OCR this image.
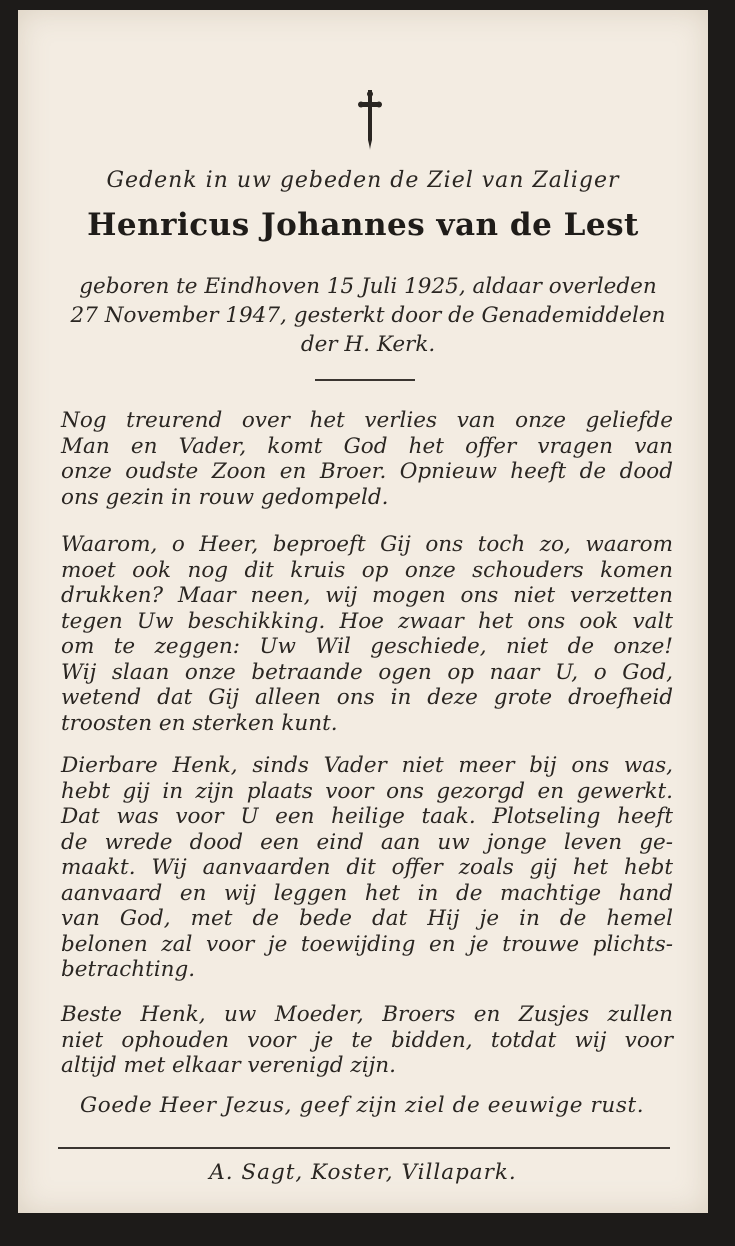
Gedenk in uw gebeden de Ziel van Zaliger
Henricus Johannes van de Lest
geboren te Eindhoven 15 Juli 1925, aldaar overleden
27 November 1947, gesterkt door de Genademiddelen
der H. Kerk.
Nog treurend over het verlies van onze geliefde
Man en Vader, komt God het offer vragen van
onze oudste Zoon en Broer. Opnieuw heeft de dood
ons gezin in rouw gedompeld.
Waarom, o Heer, beproeft Gij ons toch zo, waarom
moet ook nog dit kruis op onze schouders komen
drukken? Maar neen, wij mogen ons niet verzetten
tegen Uw beschikking. Hoe zwaar het ons ook valt
om te zeggen: Uw Wil geschiede, niet de onze!
Wij slaan onze betraande ogen op naar U, o God,
wetend dat Gij alleen ons in deze grote droefheid
troosten en sterken kunt.
Dierbare Henk, sinds Vader niet meer bij ons was,
hebt gij in zijn plaats voor ons gezorgd en gewerkt.
Dat was voor U een heilige taak. Plotseling heeft
de wrede dood een eind aan uw jonge leven ge-
maakt. Wij aanvaarden dit offer zoals gij het hebt
aanvaard en wij leggen het in de machtige hand
van God, met de bede dat Hij je in de hemel
belonen zal voor je toewijding en je trouwe plichts-
betrachting.
Beste Henk, uw Moeder, Broers en Zusjes zullen
niet ophouden voor je te bidden, totdat wij voor
altijd met elkaar verenigd zijn.
Goede Heer Jezus, geef zijn ziel de eeuwige rust.
A. Sagt, Koster, Villapark.
